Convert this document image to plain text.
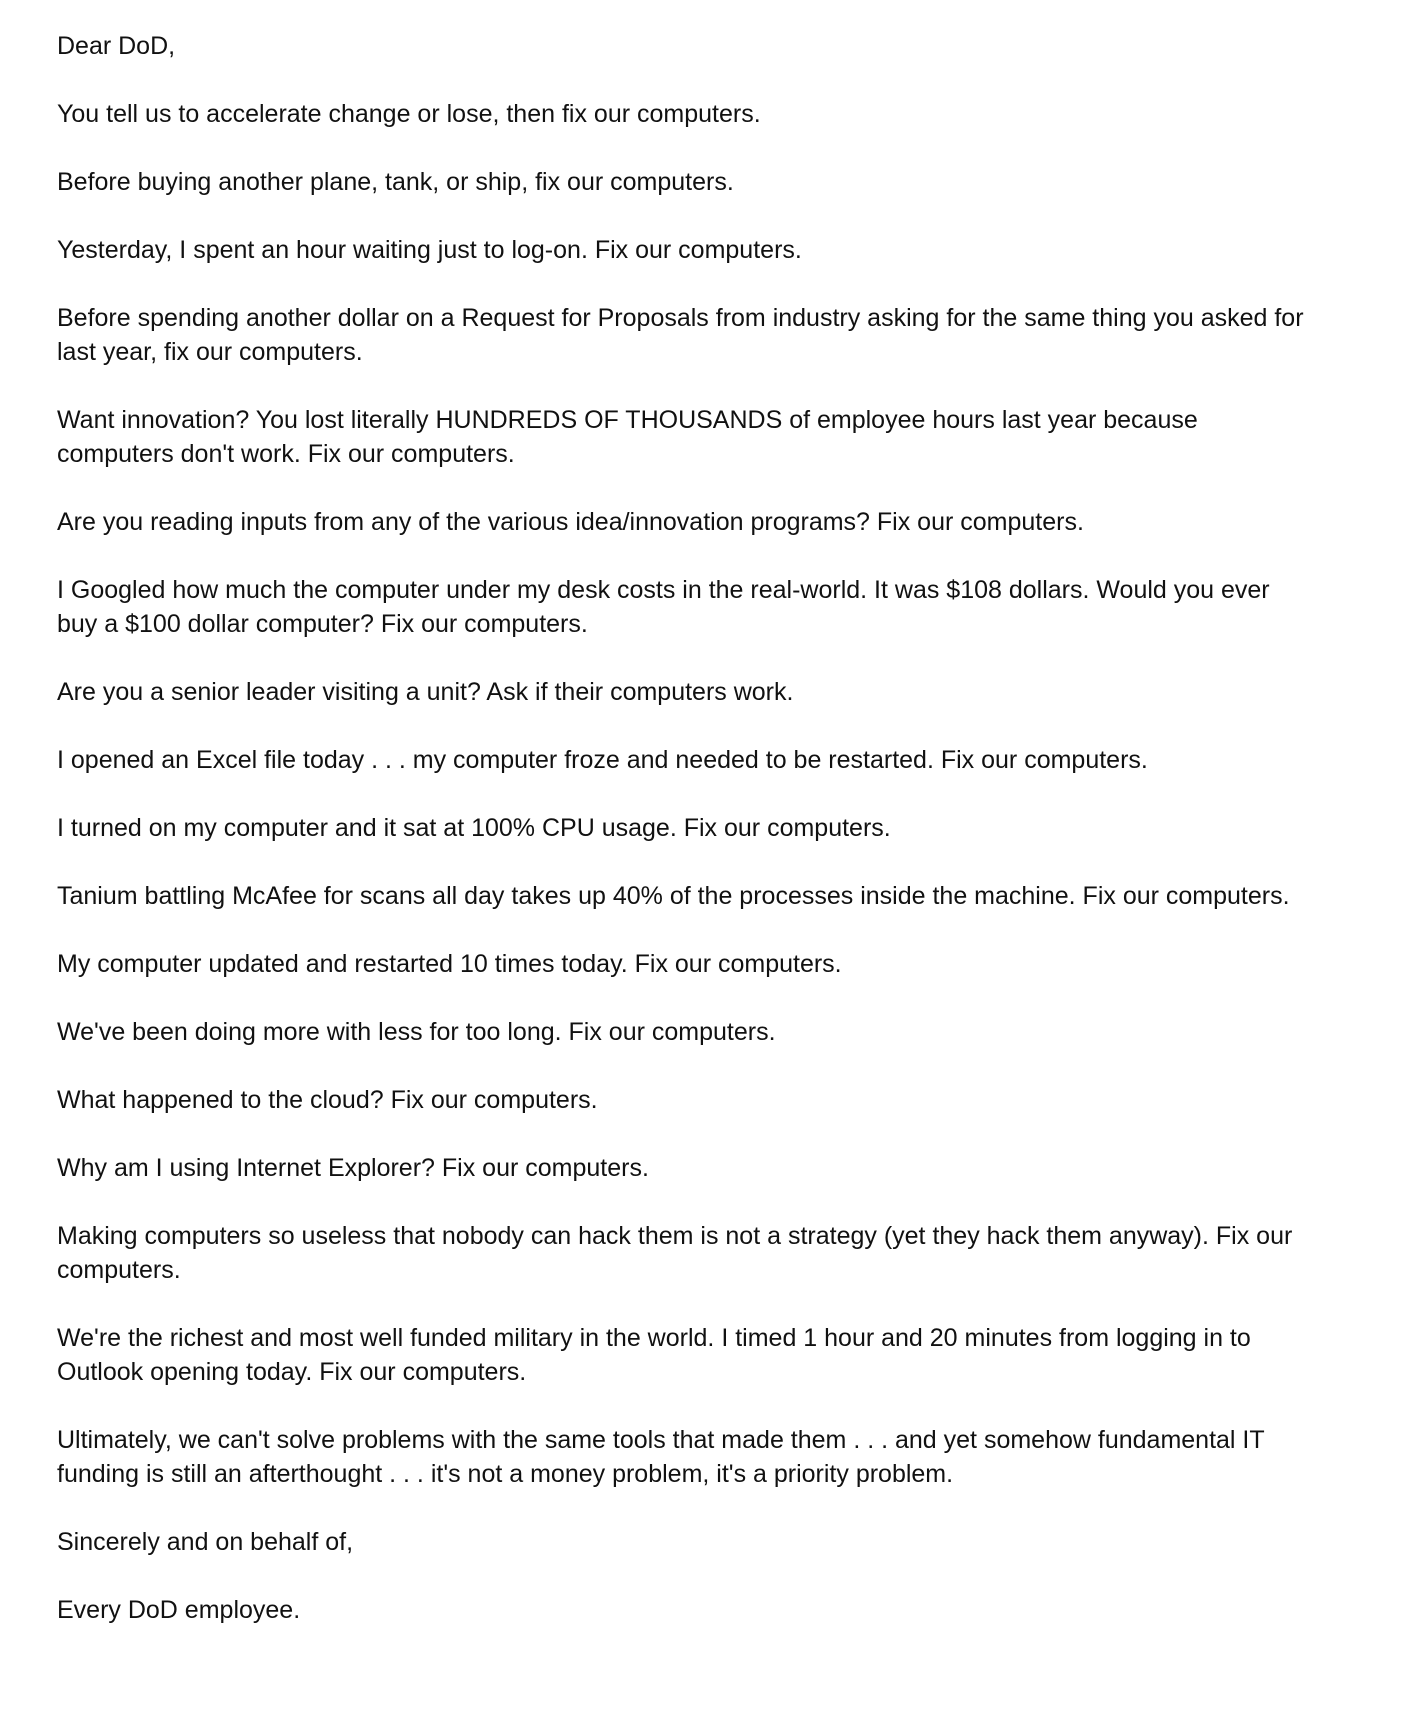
Dear DoD,

You tell us to accelerate change or lose, then fix our computers.

Before buying another plane, tank, or ship, fix our computers.

Yesterday, I spent an hour waiting just to log-on. Fix our computers.

Before spending another dollar on a Request for Proposals from industry asking for the same thing you asked for last year, fix our computers.

Want innovation? You lost literally HUNDREDS OF THOUSANDS of employee hours last year because computers don't work. Fix our computers.

Are you reading inputs from any of the various idea/innovation programs? Fix our computers.

I Googled how much the computer under my desk costs in the real-world. It was $108 dollars. Would you ever buy a $100 dollar computer? Fix our computers.

Are you a senior leader visiting a unit? Ask if their computers work.

I opened an Excel file today . . . my computer froze and needed to be restarted. Fix our computers.

I turned on my computer and it sat at 100% CPU usage. Fix our computers.

Tanium battling McAfee for scans all day takes up 40% of the processes inside the machine. Fix our computers.

My computer updated and restarted 10 times today. Fix our computers.

We've been doing more with less for too long. Fix our computers.

What happened to the cloud? Fix our computers.

Why am I using Internet Explorer? Fix our computers.

Making computers so useless that nobody can hack them is not a strategy (yet they hack them anyway). Fix our computers.

We're the richest and most well funded military in the world. I timed 1 hour and 20 minutes from logging in to Outlook opening today. Fix our computers.

Ultimately, we can't solve problems with the same tools that made them . . . and yet somehow fundamental IT funding is still an afterthought . . . it's not a money problem, it's a priority problem.

Sincerely and on behalf of,

Every DoD employee.
